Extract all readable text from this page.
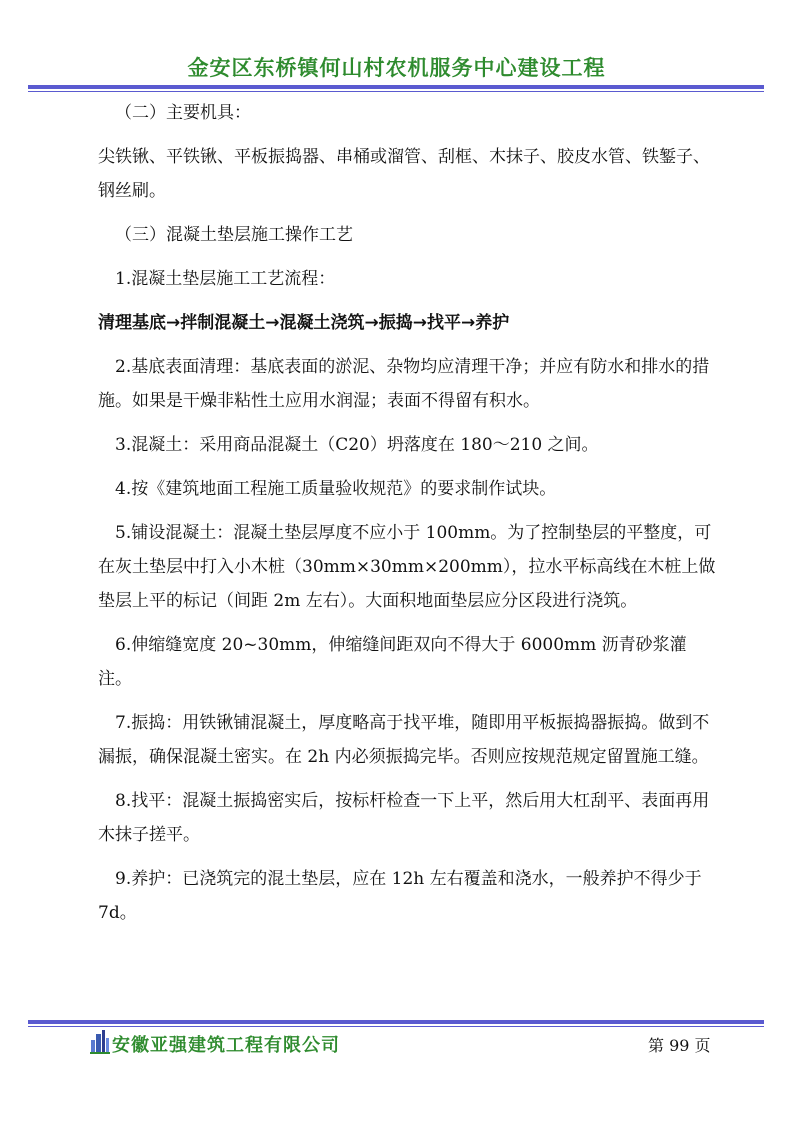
金安区东桥镇何山村农机服务中心建设工程

（二）主要机具：

尖铁锹、平铁锹、平板振捣器、串桶或溜管、刮框、木抹子、胶皮水管、铁錾子、钢丝刷。

（三）混凝土垫层施工操作工艺

1.混凝土垫层施工工艺流程：

清理基底→拌制混凝土→混凝土浇筑→振捣→找平→养护

2.基底表面清理：基底表面的淤泥、杂物均应清理干净；并应有防水和排水的措施。如果是干燥非粘性土应用水润湿；表面不得留有积水。

3.混凝土：采用商品混凝土（C20）坍落度在 180～210 之间。

4.按《建筑地面工程施工质量验收规范》的要求制作试块。

5.铺设混凝土：混凝土垫层厚度不应小于 100mm。为了控制垫层的平整度，可在灰土垫层中打入小木桩（30mm×30mm×200mm），拉水平标高线在木桩上做垫层上平的标记（间距 2m 左右）。大面积地面垫层应分区段进行浇筑。

6.伸缩缝宽度 20~30mm，伸缩缝间距双向不得大于 6000mm 沥青砂浆灌注。

7.振捣：用铁锹铺混凝土，厚度略高于找平堆，随即用平板振捣器振捣。做到不漏振，确保混凝土密实。在 2h 内必须振捣完毕。否则应按规范规定留置施工缝。

8.找平：混凝土振捣密实后，按标杆检查一下上平，然后用大杠刮平、表面再用木抹子搓平。

9.养护：已浇筑完的混土垫层，应在 12h 左右覆盖和浇水，一般养护不得少于 7d。

安徽亚强建筑工程有限公司	第 99 页
